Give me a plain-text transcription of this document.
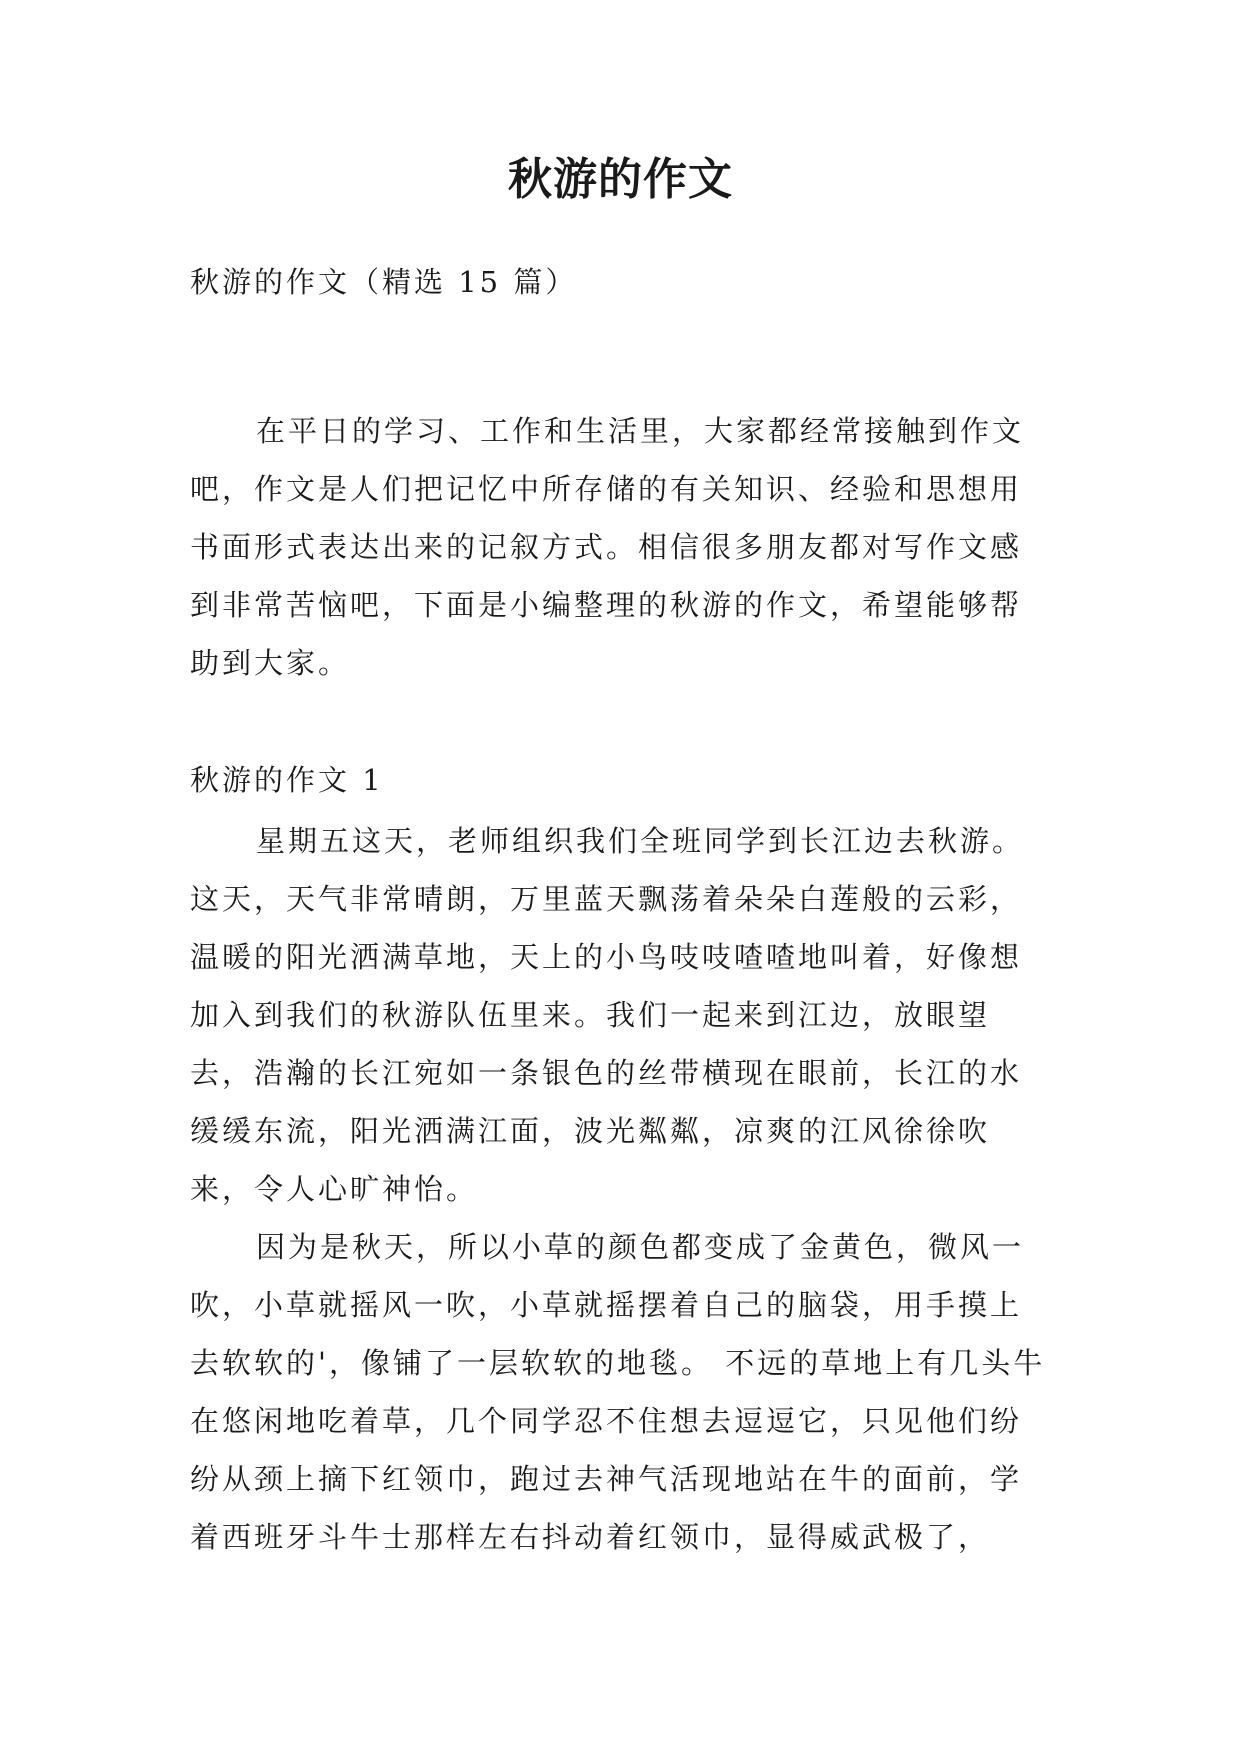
秋游的作文
秋游的作文（精选 15 篇）

在平日的学习、工作和生活里，大家都经常接触到作文吧，作文是人们把记忆中所存储的有关知识、经验和思想用书面形式表达出来的记叙方式。相信很多朋友都对写作文感到非常苦恼吧，下面是小编整理的秋游的作文，希望能够帮助到大家。

秋游的作文 1

星期五这天，老师组织我们全班同学到长江边去秋游。这天，天气非常晴朗，万里蓝天飘荡着朵朵白莲般的云彩，温暖的阳光洒满草地，天上的小鸟吱吱喳喳地叫着，好像想加入到我们的秋游队伍里来。我们一起来到江边，放眼望去，浩瀚的长江宛如一条银色的丝带横现在眼前，长江的水缓缓东流，阳光洒满江面，波光粼粼，凉爽的江风徐徐吹来，令人心旷神怡。

因为是秋天，所以小草的颜色都变成了金黄色，微风一吹，小草就摇风一吹，小草就摇摆着自己的脑袋，用手摸上去软软的'，像铺了一层软软的地毯。 不远的草地上有几头牛在悠闲地吃着草，几个同学忍不住想去逗逗它，只见他们纷纷从颈上摘下红领巾，跑过去神气活现地站在牛的面前，学着西班牙斗牛士那样左右抖动着红领巾，显得威武极了，
